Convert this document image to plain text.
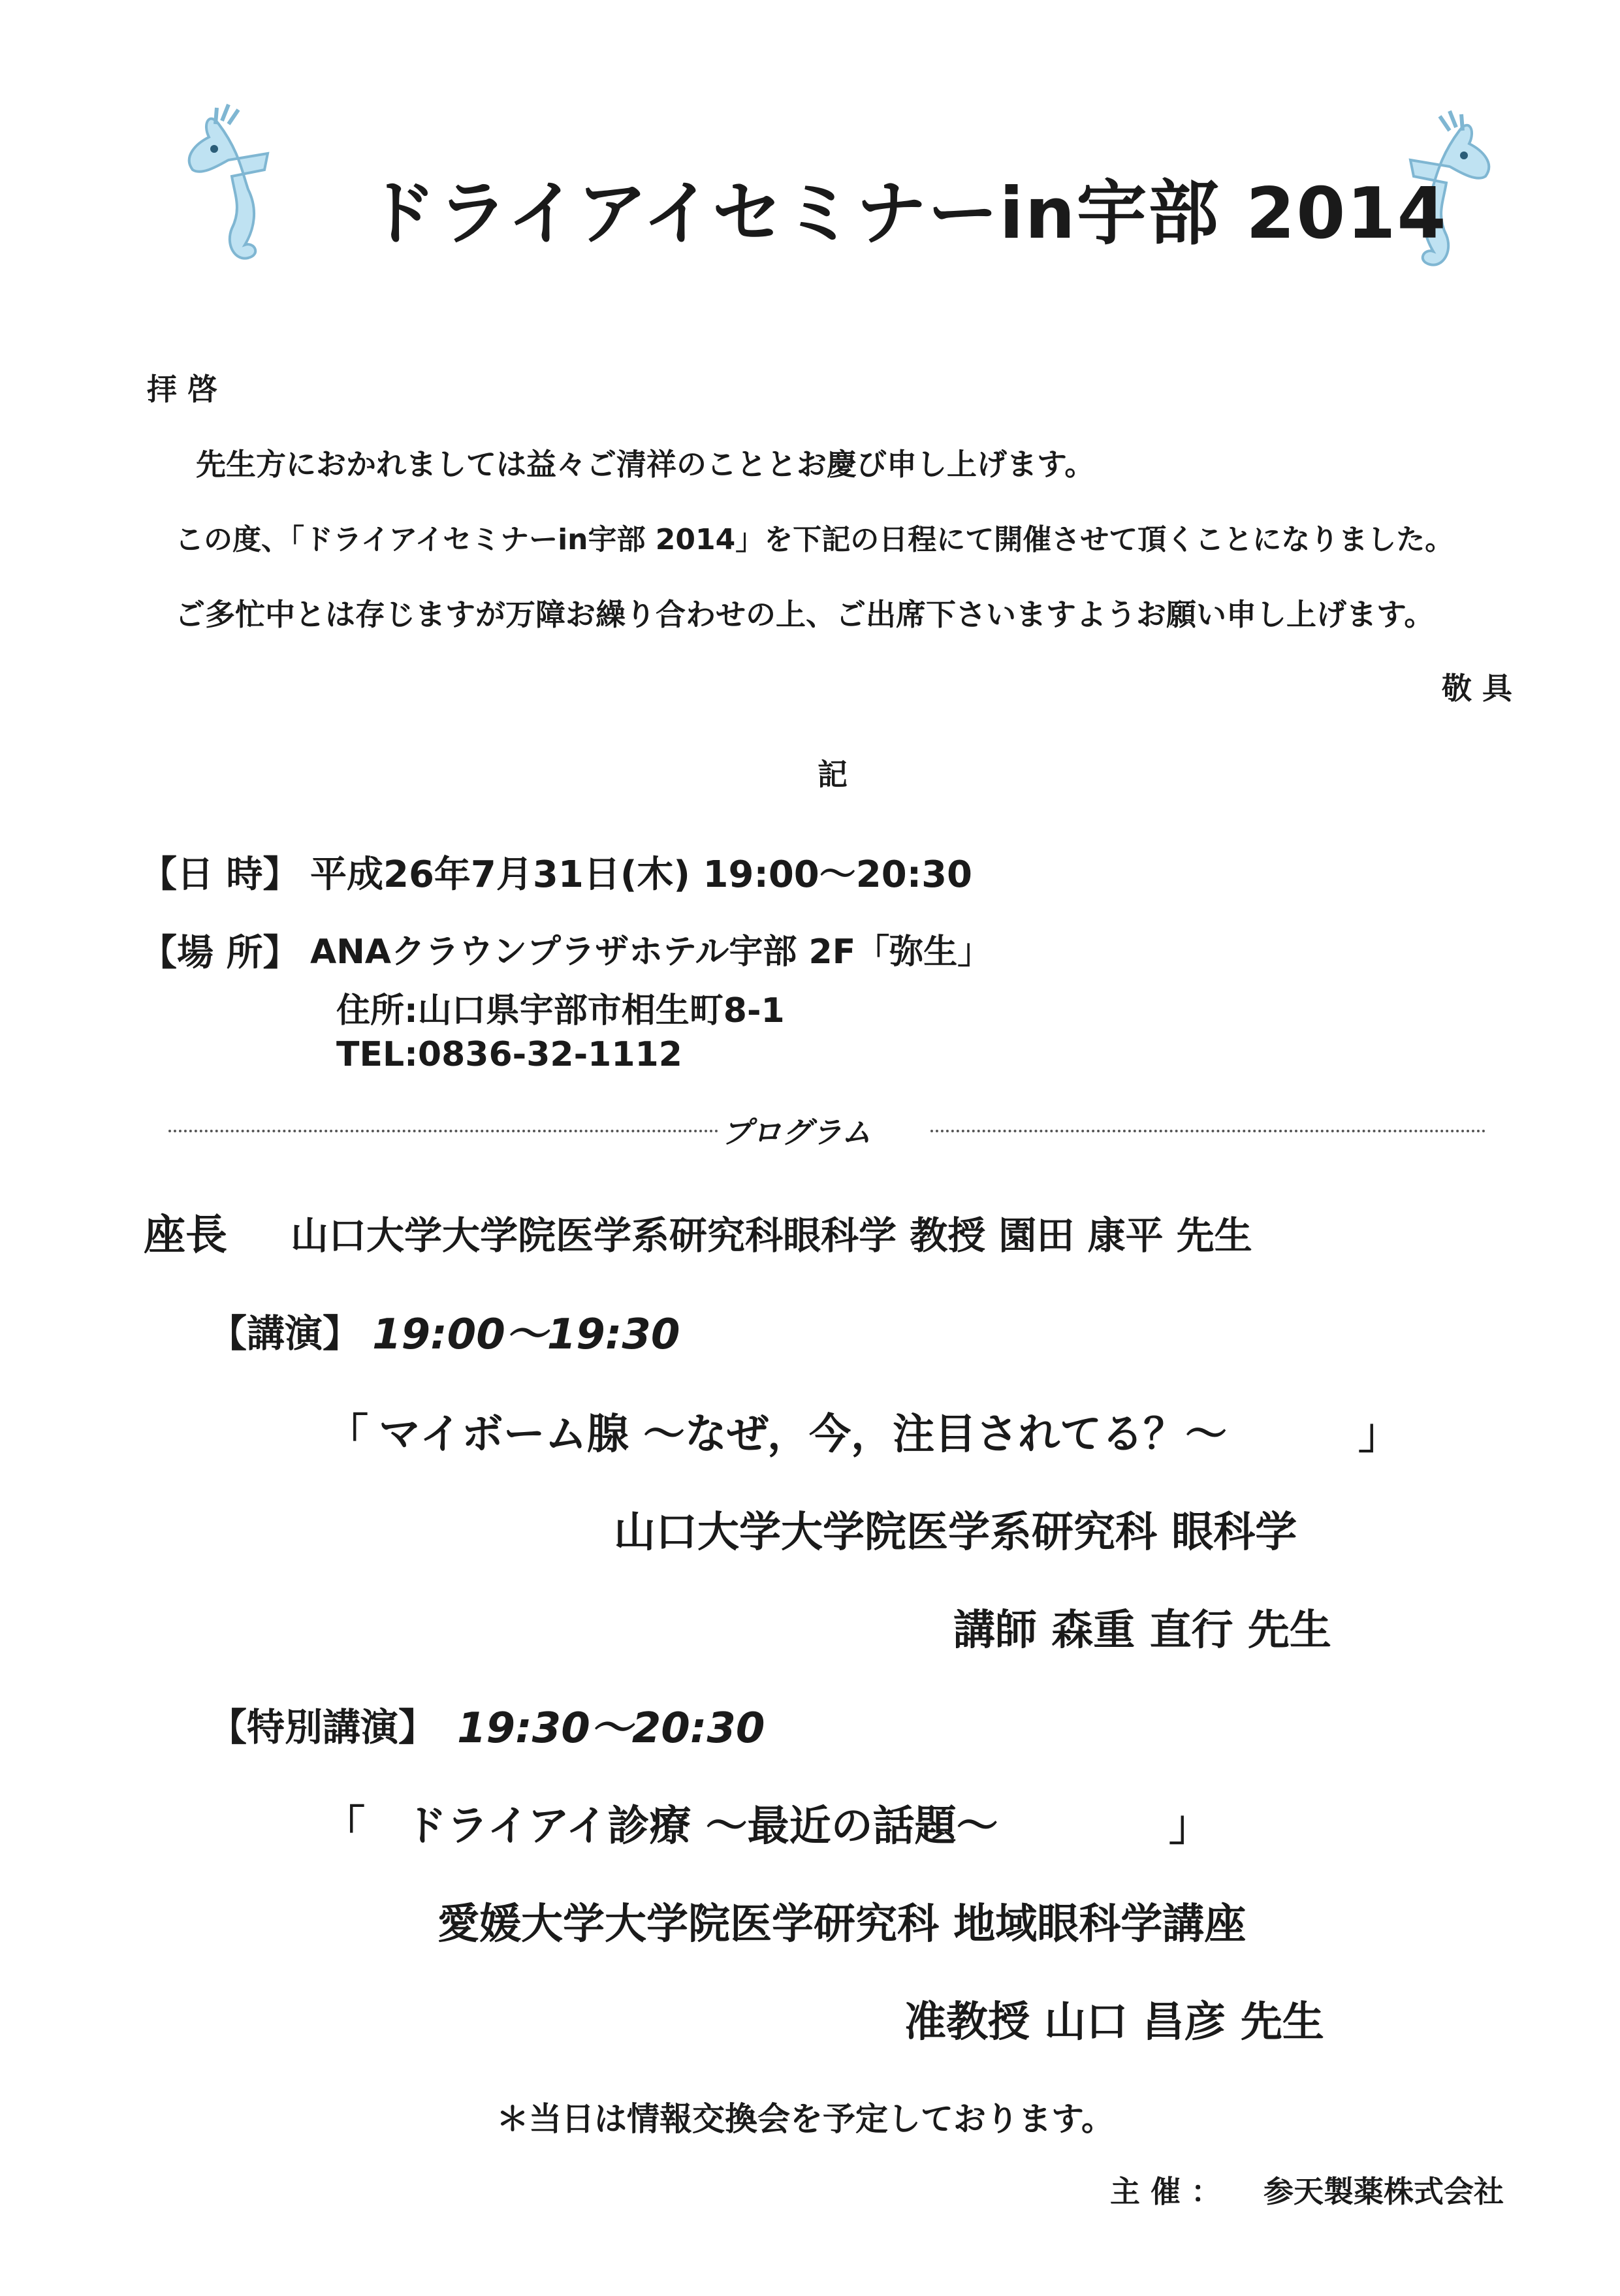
ドライアイセミナーin宇部 2014
拝 啓
先生方におかれましては益々ご清祥のこととお慶び申し上げます。
この度、「ドライアイセミナーin宇部 2014」を下記の日程にて開催させて頂くことになりました。
ご多忙中とは存じますが万障お繰り合わせの上、ご出席下さいますようお願い申し上げます。
敬 具
記
【日 時】 平成26年7月31日(木) 19:00～20:30
【場 所】 ANAクラウンプラザホテル宇部 2F「弥生」
住所:山口県宇部市相生町8-1
TEL:0836-32-1112
プログラム
座長 山口大学大学院医学系研究科眼科学 教授 園田 康平 先生
【講演】 19:00～19:30
「 マイボーム腺 ～なぜ，今，注目されてる？～	」
山口大学大学院医学系研究科 眼科学
講師 森重 直行 先生
【特別講演】 19:30～20:30
「 ドライアイ診療 ～最近の話題～	」
愛媛大学大学院医学研究科 地域眼科学講座
准教授 山口 昌彦 先生
＊当日は情報交換会を予定しております。
主 催 ： 参天製薬株式会社
